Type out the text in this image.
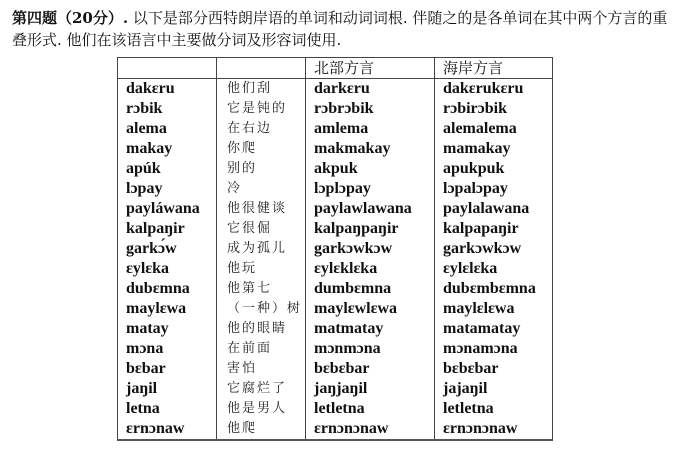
第四题（20分）. 以下是部分西特朗岸语的单词和动词词根. 伴随之的是各单词在其中两个方言的重叠形式. 他们在该语言中主要做分词及形容词使用.
		北部方言	海岸方言
dakɛru	他们刮	darkɛru	dakɛrukɛru
rɔbik	它是钝的	rɔbrɔbik	rɔbirɔbik
alema	在右边	amlema	alemalema
makay	你爬	makmakay	mamakay
apúk	别的	akpuk	apukpuk
lɔpay	冷	lɔplɔpay	lɔpalɔpay
payláwana	他很健谈	paylawlawana	paylalawana
kalpaŋir	它很倔	kalpaŋpaŋir	kalpapaŋir
garkɔ́w	成为孤儿	garkɔwkɔw	garkɔwkɔw
ɛylɛka	他玩	ɛylɛklɛka	ɛylɛlɛka
dubɛmna	他第七	dumbɛmna	dubɛmbɛmna
maylɛwa	（一种）树	maylɛwlɛwa	maylɛlɛwa
matay	他的眼睛	matmatay	matamatay
mɔna	在前面	mɔnmɔna	mɔnamɔna
bɛbar	害怕	bɛbɛbar	bɛbɛbar
jaŋil	它腐烂了	jaŋjaŋil	jajaŋil
letna	他是男人	letletna	letletna
ɛrnɔnaw	他爬	ɛrnɔnɔnaw	ɛrnɔnɔnaw
